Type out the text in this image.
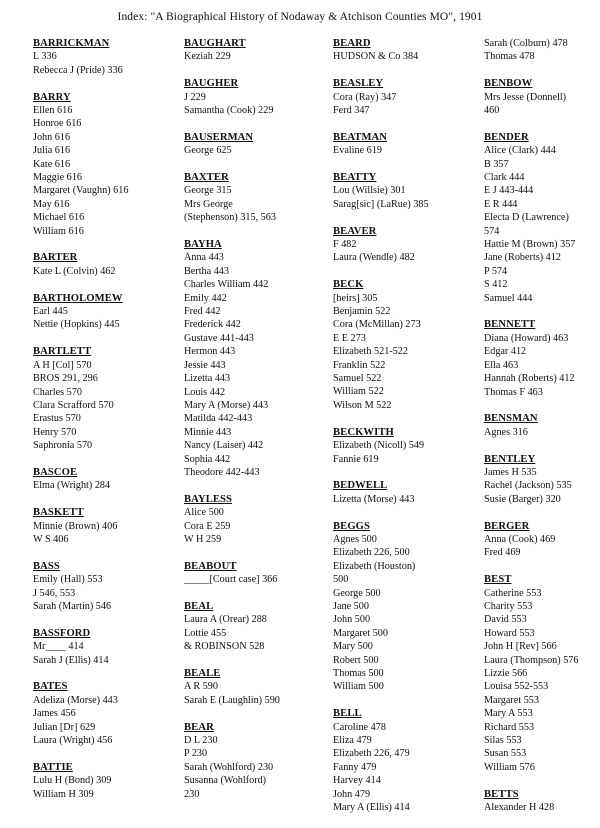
Index: "A Biographical History of Nodaway & Atchison Counties MO", 1901
BARRICKMAN
L 336
Rebecca J (Pride) 336
BARRY
Ellen 616
Honroe 616
John 616
Julia 616
Kate 616
Maggie 616
Margaret (Vaughn) 616
May 616
Michael 616
William 616
BARTER
Kate L (Colvin) 462
BARTHOLOMEW
Earl 445
Nettie (Hopkins) 445
BARTLETT
A H [Col] 570
BROS 291, 296
Charles 570
Clara Scrafford 570
Erastus 570
Henry 570
Saphronia 570
BASCOE
Elma (Wright) 284
BASKETT
Minnie (Brown) 406
W S 406
BASS
Emily (Hall) 553
J 546, 553
Sarah (Martin) 546
BASSFORD
Mr____ 414
Sarah J (Ellis) 414
BATES
Adeliza (Morse) 443
James 456
Julian [Dr] 629
Laura (Wright) 456
BATTIE
Lulu H (Bond) 309
William H 309
BAUGHART
Keziah 229
BAUGHER
J 229
Samantha (Cook) 229
BAUSERMAN
George 625
BAXTER
George 315
Mrs George
(Stephenson) 315, 563
BAYHA
Anna 443
Bertha 443
Charles William 442
Emily 442
Fred 442
Frederick 442
Gustave 441-443
Hermon 443
Jessie 443
Lizetta 443
Louis 442
Mary A (Morse) 443
Matilda 442-443
Minnie 443
Nancy (Laiser) 442
Sophia 442
Theodore 442-443
BAYLESS
Alice 500
Cora E 259
W H 259
BEABOUT
_____[Court case] 366
BEAL
Laura A (Orear) 288
Lottie 455
& ROBINSON 528
BEALE
A R 590
Sarah E (Laughlin) 590
BEAR
D L 230
P 230
Sarah (Wohlford) 230
Susanna (Wohlford)
230
BEARD
HUDSON & Co 384
BEASLEY
Cora (Ray) 347
Ferd 347
BEATMAN
Evaline 619
BEATTY
Lou (Willsie) 301
Sarag[sic] (LaRue) 385
BEAVER
F 482
Laura (Wendle) 482
BECK
[heirs] 305
Benjamin 522
Cora (McMillan) 273
E E 273
Elizabeth 521-522
Franklin 522
Samuel 522
William 522
Wilson M 522
BECKWITH
Elizabeth (Nicoll) 549
Fannie 619
BEDWELL
Lizetta (Morse) 443
BEGGS
Agnes 500
Elizabeth 226, 500
Elizabeth (Houston)
500
George 500
Jane 500
John 500
Margaret 500
Mary 500
Robert 500
Thomas 500
William 500
BELL
Caroline 478
Eliza 479
Elizabeth 226, 479
Fanny 479
Harvey 414
John 479
Mary A (Ellis) 414
Sarah (Colburn) 478
Thomas 478
BENBOW
Mrs Jesse (Donnell)
460
BENDER
Alice (Clark) 444
B 357
Clark 444
E J 443-444
E R 444
Electa D (Lawrence)
574
Hattie M (Brown) 357
Jane (Roberts) 412
P 574
S 412
Samuel 444
BENNETT
Diana (Howard) 463
Edgar 412
Ella 463
Hannah (Roberts) 412
Thomas F 463
BENSMAN
Agnes 316
BENTLEY
James H 535
Rachel (Jackson) 535
Susie (Barger) 320
BERGER
Anna (Cook) 469
Fred 469
BEST
Catherine 553
Charity 553
David 553
Howard 553
John H [Rev] 566
Laura (Thompson) 576
Lizzie 566
Louisa 552-553
Margaret 553
Mary A 553
Richard 553
Silas 553
Susan 553
William 576
BETTS
Alexander H 428
